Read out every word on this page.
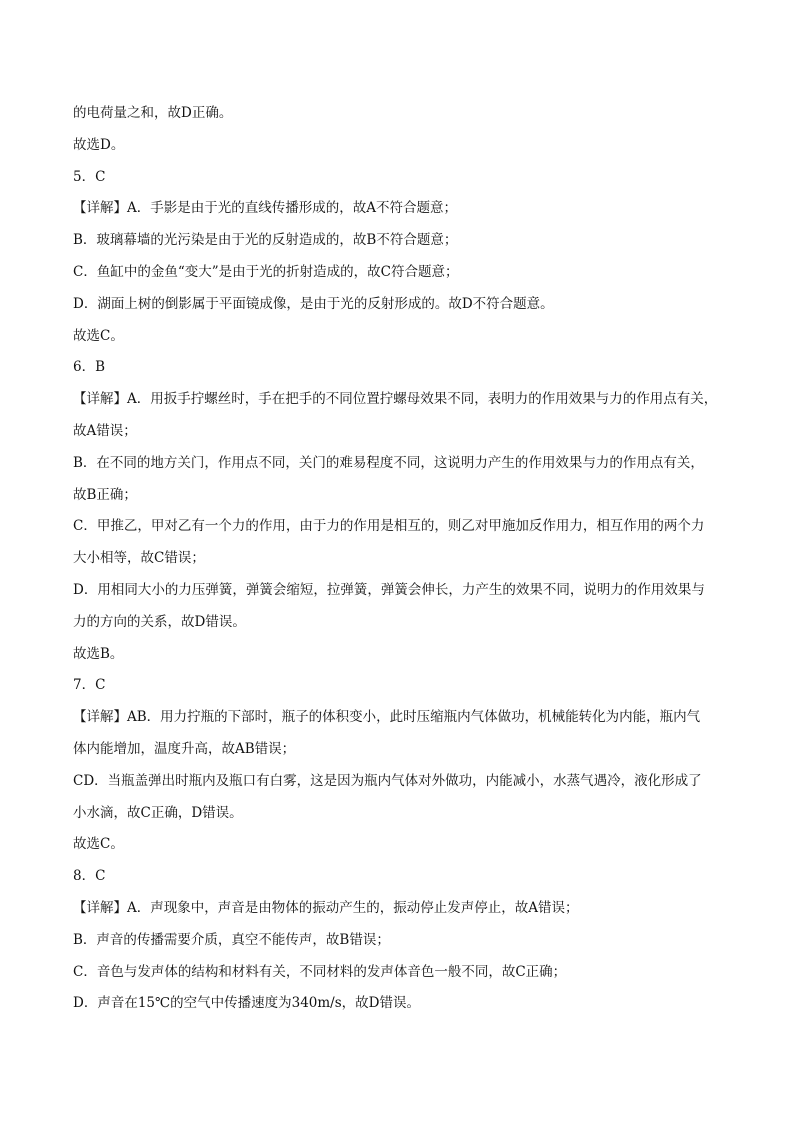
的电荷量之和，故D正确。
故选D。
5．C
【详解】A．手影是由于光的直线传播形成的，故A不符合题意；
B．玻璃幕墙的光污染是由于光的反射造成的，故B不符合题意；
C．鱼缸中的金鱼“变大”是由于光的折射造成的，故C符合题意；
D．湖面上树的倒影属于平面镜成像，是由于光的反射形成的。故D不符合题意。
故选C。
6．B
【详解】A．用扳手拧螺丝时，手在把手的不同位置拧螺母效果不同，表明力的作用效果与力的作用点有关，
故A错误；
B．在不同的地方关门，作用点不同，关门的难易程度不同，这说明力产生的作用效果与力的作用点有关，
故B正确；
C．甲推乙，甲对乙有一个力的作用，由于力的作用是相互的，则乙对甲施加反作用力，相互作用的两个力
大小相等，故C错误；
D．用相同大小的力压弹簧，弹簧会缩短，拉弹簧，弹簧会伸长，力产生的效果不同，说明力的作用效果与
力的方向的关系，故D错误。
故选B。
7．C
【详解】AB．用力拧瓶的下部时，瓶子的体积变小，此时压缩瓶内气体做功，机械能转化为内能，瓶内气
体内能增加，温度升高，故AB错误；
CD．当瓶盖弹出时瓶内及瓶口有白雾，这是因为瓶内气体对外做功，内能减小，水蒸气遇冷，液化形成了
小水滴，故C正确，D错误。
故选C。
8．C
【详解】A．声现象中，声音是由物体的振动产生的，振动停止发声停止，故A错误；
B．声音的传播需要介质，真空不能传声，故B错误；
C．音色与发声体的结构和材料有关，不同材料的发声体音色一般不同，故C正确；
D．声音在15℃的空气中传播速度为340m/s，故D错误。
